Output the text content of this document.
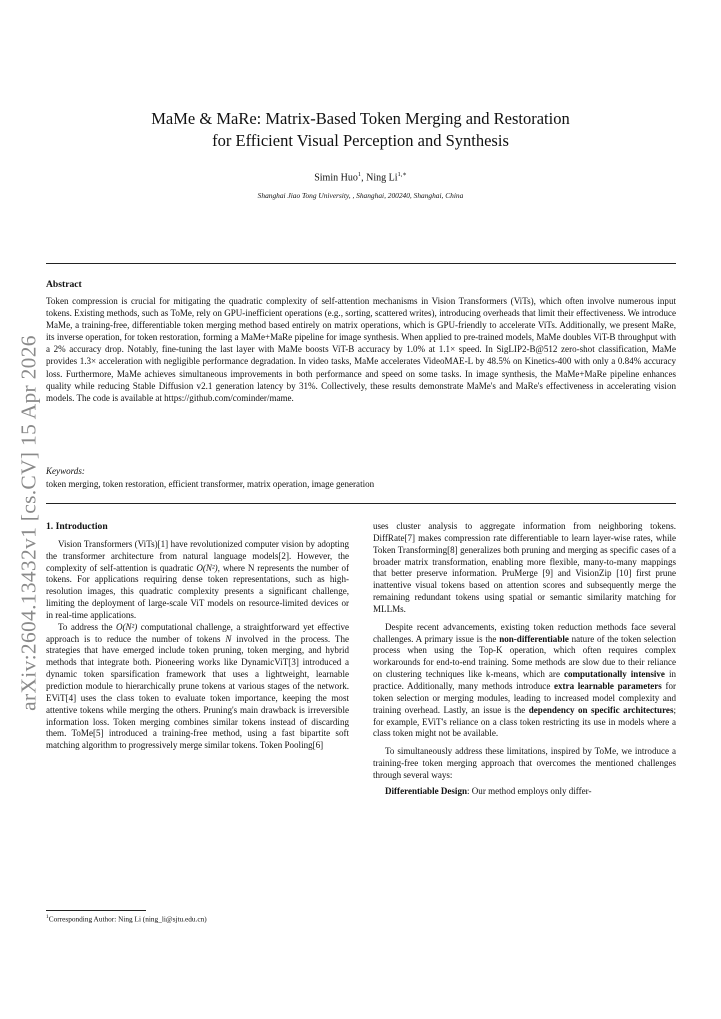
arXiv:2604.13432v1 [cs.CV] 15 Apr 2026
MaMe & MaRe: Matrix-Based Token Merging and Restoration
for Efficient Visual Perception and Synthesis
Simin Huo$^1$, Ning $Li^{1,∗}$
Shanghai Jiao Tong University, , Shanghai, 200240, Shanghai, China
Abstract
Token compression is crucial for mitigating the quadratic complexity of self-attention mechanisms in Vision Transformers (ViTs), which often involve numerous input tokens. Existing methods, such as ToMe, rely on GPU-inefficient operations (e.g., sorting, scattered writes), introducing overheads that limit their effectiveness. We introduce MaMe, a training-free, differentiable token merging method based entirely on matrix operations, which is GPU-friendly to accelerate ViTs. Additionally, we present MaRe, its inverse operation, for token restoration, forming a MaMe+MaRe pipeline for image synthesis. When applied to pre-trained models, MaMe doubles ViT-B throughput with a 2% accuracy drop. Notably, fine-tuning the last layer with MaMe boosts ViT-B accuracy by 1.0% at 1.1× speed. In SigLIP2-B@512 zero-shot classification, MaMe provides 1.3× acceleration with negligible performance degradation. In video tasks, MaMe accelerates VideoMAE-L by 48.5% on Kinetics-400 with only a 0.84% accuracy loss. Furthermore, MaMe achieves simultaneous improvements in both performance and speed on some tasks. In image synthesis, the MaMe+MaRe pipeline enhances quality while reducing Stable Diffusion v2.1 generation latency by 31%. Collectively, these results demonstrate MaMe's and MaRe's effectiveness in accelerating vision models. The code is available at https://github.com/cominder/mame.
Keywords:
token merging, token restoration, efficient transformer, matrix operation, image generation

1. Introduction

Vision Transformers (ViTs)[1] have revolutionized computer vision by adopting the transformer architecture from natural language models[2]. However, the complexity of self-attention is quadratic O(N²), where N represents the number of tokens. For applications requiring dense token representations, such as high-resolution images, this quadratic complexity presents a significant challenge, limiting the deployment of large-scale ViT models on resource-limited devices or in real-time applications.

To address the O(N²) computational challenge, a straightforward yet effective approach is to reduce the number of tokens N involved in the process. The strategies that have emerged include token pruning, token merging, and hybrid methods that integrate both. Pioneering works like DynamicViT[3] introduced a dynamic token sparsification framework that uses a lightweight, learnable prediction module to hierarchically prune tokens at various stages of the network. EViT[4] uses the class token to evaluate token importance, keeping the most attentive tokens while merging the others. Pruning's main drawback is irreversible information loss. Token merging combines similar tokens instead of discarding them. ToMe[5] introduced a training-free method, using a fast bipartite soft matching algorithm to progressively merge similar tokens. Token Pooling[6]

uses cluster analysis to aggregate information from neighboring tokens. DiffRate[7] makes compression rate differentiable to learn layer-wise rates, while Token Transforming[8] generalizes both pruning and merging as specific cases of a broader matrix transformation, enabling more flexible, many-to-many mappings that better preserve information. PruMerge [9] and VisionZip [10] first prune inattentive visual tokens based on attention scores and subsequently merge the remaining redundant tokens using spatial or semantic similarity matching for MLLMs.

Despite recent advancements, existing token reduction methods face several challenges. A primary issue is the non-differentiable nature of the token selection process when using the Top-K operation, which often requires complex workarounds for end-to-end training. Some methods are slow due to their reliance on clustering techniques like k-means, which are computationally intensive in practice. Additionally, many methods introduce extra learnable parameters for token selection or merging modules, leading to increased model complexity and training overhead. Lastly, an issue is the dependency on specific architectures; for example, EViT's reliance on a class token restricting its use in models where a class token might not be available.

To simultaneously address these limitations, inspired by ToMe, we introduce a training-free token merging approach that overcomes the mentioned challenges through several ways:

Differentiable Design: Our method employs only differ-

$^1$Corresponding Author: Ning Li (ning_li@sjtu.edu.cn)
